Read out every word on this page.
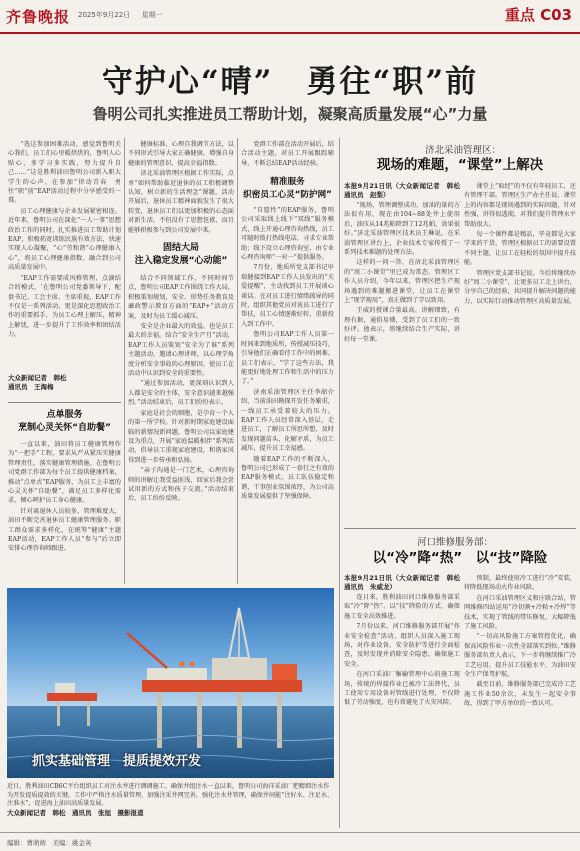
齐鲁晚报 2025年9月22日 　 星期一	重点 C03
守护心“晴”　勇往“职”前
鲁明公司扎实推进员工帮助计划，凝聚高质量发展“心”力量

“选这参加困难活动，感觉到鲁明关心我们，员工们心里暖烘烘的，鲁明人心贴心，多学习多实践，努力提升自己……”这是胜利油田鲁明公司新入职大学生的心声。在参加“律动青春　勇往“职”前”EAP活动过程中分享感受的一幕。

员工心理健康与企业发展紧密相连。近年来，鲁明公司在深化“一人一事”思想政治工作的同时，扎实推进员工帮助计划EAP，积极拓宽训练民族有效方法，快速实现人心凝聚，“心”劳和谐“心理健康入心”，将员工心理健康指数、融合到公司高质量发展中。

“EAP工作需要成风格管理，点滴结合的模式，‘在鲁明公司党委领导下，配套书记、工会主席、主席重视，EAP工作不仅是一系列活动，更是深化思想政治工作的重要抓手，为员工心理上解压，精神上解忧，进一步提升了工作效率和团结活力。

大众新闻记者　韩松
通讯员　王海梅
点单服务
烹制心灵关怀“自助餐”

一直以来，油田将员工健康管理作为“一把手”工程，要求从严从紧压实健康管理责任，落实健康管理措施。在鲁明公司党群工作部为每个员工提供健康档案，推动“点单式”EAP服务，为员工上丰富的心灵关怀“自助餐”，满足员工多样化需求，倾心呵护员工身心健康。

针对离退休人员较多、管理难度大，油田不断完善退休员工健康管理服务。职工群众需求多样化，在统筹“健康”主题EAP活动，EAP工作人员“参与”后立即安排心理咨询师跟进。

健康标准，心理自我调节方法，以不同形式引导大家正确健康，增强自身健康的管理意识，提高幸福指数。

济北采油管理区根据工作实际，点单“如何帮助临近退休的员工积极调整认知，树立新的生活理念”课题，活动开展后，退休员工精神面貌发生了很大转变，退休员工们以更加积极的心态面对新生活，不但没有了思想包袱，而且能够积极参与到公司发展中来。

固结大局
注入稳定发展“心动能”

结合不同领域工作，不同时间节点，鲁明公司EAP工作围绕工作大局，积极策划规划，安全、形势任务教育及廉政警示教育方面的“EAP+”活动方案，及时为员工缓心减压。

安全是企业最大的效益，也是员工最大的幸福。结合“安全生产月”活动，EAP工作人员策划“安全为了谁”系列主题活动，邀请心理讲师，以心理学角度分析安全事故的心理原因，使员工在活动中认识到安全的重要性。

“通过参加活动，更深刻认识到人人都是安全的主体，安全意识越来越强烈。”活动结束后，员工们纷纷表示。

家庭是社会的细胞，是孕育一个人的第一所学校。针对新时期家庭建设面临的新情况新问题，鲁明公司以家庭建设为重点，开展“家庭温暖相伴”系列活动，倡导员工重视家庭建设，和谐家风得到进一步传承和弘扬。

“亲子沟通是一门艺术，心理咨询师的讲解让我受益匪浅，回家后我会尝试用新的方式和孩子交流。”活动结束后，员工纷纷反映。

党群工作部在活动开展后，结合活动主题，对员工开展跟踪辅导，不断总结EAP活动经验。

精准服务
织密员工心灵“防护网”

“自愿性”的EAP服务，鲁明公司采取线上线下“双线”服务模式，线上开通心理咨询热线，员工可随时拨打热线电话，寻求专业帮助；线下设立心理咨询室，由专业心理咨询师“一对一”提供服务。

7月份，地质所党支部书记申瑞健接到EAP工作人员发出的“关爱提醒”，主动找到员工开展谈心谈话。在对员工进行情绪疏导的同时，组织其他党员对该员工进行了帮扶，员工心情逐渐好转，重新投入到工作中。

鲁明公司EAP工作人员第一时间来到地质所，传授减压技巧，引导他们正确看待工作中的困难。员工们表示，“学了这些方法，我能更好地处理工作和生活中的压力了。”

济南采油管理区主任李韶介绍，当前油田勘探开发任务繁重，一线员工承受着较大的压力。EAP工作人员经常深入基层，走进员工，了解员工所思所想，及时发现问题苗头，化解矛盾，为员工减压，提升员工幸福感。

随着EAP工作的不断深入，鲁明公司已形成了一套行之有效的EAP服务模式，员工队伍稳定和谐，干事创业氛围浓厚，为公司高质量发展提供了坚强保障。

济北采油管理区：
现场的难题，“课堂”上解决

本报9月21日讯（大众新闻记者　韩松　通讯员　赵梨）

“现场，管理调整成功，加油的量的方法很有用，现在由104~88处井上使用后，油压从14兆帕降到了12兆帕，效果很好。”济北采油管理区技术员王琳说，在采油管理区讲台上，企业技术专家传授了一系列技术难题的处理方法。

这样的一问一答，在济北采油管理区的“周二小课堂”里已成为常态。管理区工作人员介绍，今年以来，管理区把生产现场遇到的难题搬进课堂，让员工在课堂上“现学现用”，真正做到了学以致用。

王威的授课合量最高，讲解细致，有理有据，通俗易懂，受到了员工们的一致好评。他表示，将继续结合生产实际，讲好每一堂课。

课堂上“取经”的不仅有年轻员工，还有管理干部。管理区生产办主任说，课堂上的内容都是现场遇到的实际问题，针对性强，讲得很透彻，对我们提升管理水平帮助很大。

每一个课件都是精品，毕竟都是大家学来的干货，管理区根据员工的需要设置不同主题，让员工在轻松的氛围中提升技能。

管理区党支部书记说，今后将继续办好“周二小课堂”，让更多员工走上讲台，分享自己的经验，共同提升解决问题的能力，以实际行动推动管理区高质量发展。

河口维修服务部：
以“冷”降“热”　以“技”降险

本报9月21日讯（大众新闻记者　韩松　通讯员　朱威龙）

连日来，胜利油田河口维修服务部采取“冷”降“热”、以“技”降险的方式，确保施工安全高效推进。

7月份以来，河口维修服务部开展“作业安全检查”活动，组织人员深入施工现场，对作业设备、安全防护等进行全面检查，及时发现并消除安全隐患，确保施工安全。

在河口采油厂集输管理中心的施工现场，传统的焊接作业已被冷工法替代，员工使用专用设备对管线进行处理，不仅降低了劳动强度，也有效避免了火灾风险。

预制，最终使用冷工进行“冷”安装，将降低现场动火作业风险。

在河口采油管理区义和庄联合站，管网维修四站运用“冷切割+冷粘+冷焊”等技术，实现了管线的带压修复，大幅降低了施工风险。

“一切高风险施工方案管控优化，确保高风险作业一次性全部落实到位。”维修服务部负责人表示，下一步将继续推广冷工艺应用，提升员工技能水平，为油田安全生产保驾护航。

截至目前，维修服务部已完成冷工艺施工作业50余次，未发生一起安全事故，得到了甲方单位的一致认可。

抓实基础管理　提质提效开发
近日，胜利油田CB6C平台组织员工对注水井进行测调施工，确保井组注水一直以来，鲁明公司海洋采油厂把精细注水作为开发提质提效的关键，工作中严格注水质量管理，加强注采井网完善，强化注水井管理，确保井间能“注好水、注足水、注准水”，促进海上油田高质量发展。
大众新闻记者　韩松　通讯员　张旭　摄影报道
编辑：曹萌萌　美编：姚金英
